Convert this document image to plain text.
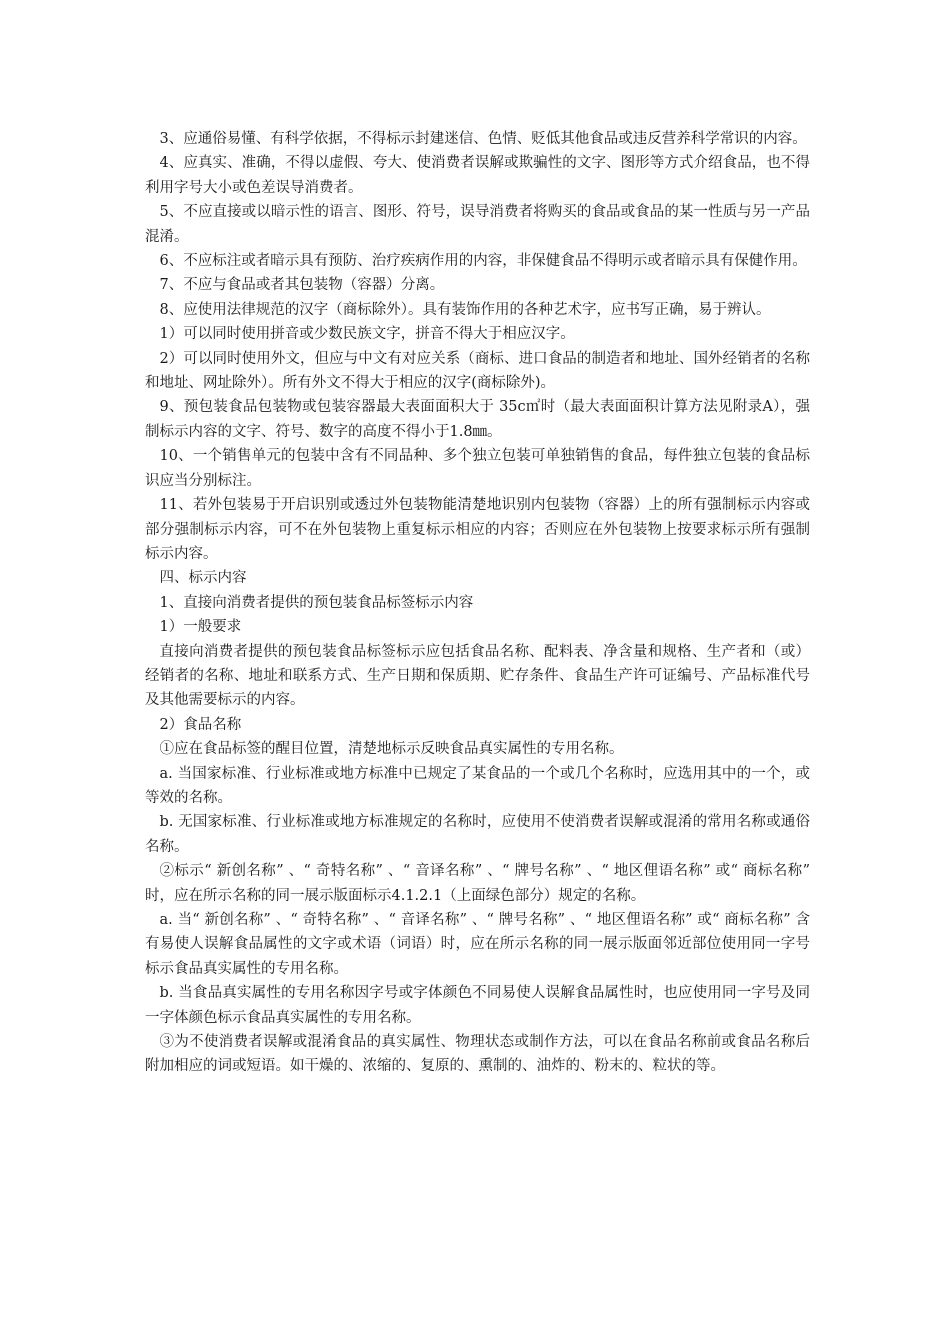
3、应通俗易懂、有科学依据，不得标示封建迷信、色情、贬低其他食品或违反营养科学常识的内容。

4、应真实、准确，不得以虚假、夸大、使消费者误解或欺骗性的文字、图形等方式介绍食品，也不得利用字号大小或色差误导消费者。

5、不应直接或以暗示性的语言、图形、符号，误导消费者将购买的食品或食品的某一性质与另一产品混淆。

6、不应标注或者暗示具有预防、治疗疾病作用的内容，非保健食品不得明示或者暗示具有保健作用。

7、不应与食品或者其包装物（容器）分离。

8、应使用法律规范的汉字（商标除外）。具有装饰作用的各种艺术字，应书写正确，易于辨认。

1）可以同时使用拼音或少数民族文字，拼音不得大于相应汉字。

2）可以同时使用外文，但应与中文有对应关系（商标、进口食品的制造者和地址、国外经销者的名称和地址、网址除外）。所有外文不得大于相应的汉字(商标除外)。

9、预包装食品包装物或包装容器最大表面面积大于 35c㎡时（最大表面面积计算方法见附录A），强制标示内容的文字、符号、数字的高度不得小于1.8㎜。

10、一个销售单元的包装中含有不同品种、多个独立包装可单独销售的食品，每件独立包装的食品标识应当分别标注。

11、若外包装易于开启识别或透过外包装物能清楚地识别内包装物（容器）上的所有强制标示内容或部分强制标示内容，可不在外包装物上重复标示相应的内容；否则应在外包装物上按要求标示所有强制标示内容。

四、标示内容

1、直接向消费者提供的预包装食品标签标示内容

1）一般要求

直接向消费者提供的预包装食品标签标示应包括食品名称、配料表、净含量和规格、生产者和（或） 经销者的名称、地址和联系方式、生产日期和保质期、贮存条件、食品生产许可证编号、产品标准代号及其他需要标示的内容。

2）食品名称

①应在食品标签的醒目位置，清楚地标示反映食品真实属性的专用名称。

a. 当国家标准、行业标准或地方标准中已规定了某食品的一个或几个名称时，应选用其中的一个，或等效的名称。

b. 无国家标准、行业标准或地方标准规定的名称时，应使用不使消费者误解或混淆的常用名称或通俗名称。

②标示“ 新创名称” 、“ 奇特名称” 、“ 音译名称” 、“ 牌号名称” 、“ 地区俚语名称” 或“ 商标名称” 时，应在所示名称的同一展示版面标示4.1.2.1（上面绿色部分）规定的名称。

a. 当“ 新创名称” 、“ 奇特名称” 、“ 音译名称” 、“ 牌号名称” 、“ 地区俚语名称” 或“ 商标名称” 含有易使人误解食品属性的文字或术语（词语）时，应在所示名称的同一展示版面邻近部位使用同一字号标示食品真实属性的专用名称。

b. 当食品真实属性的专用名称因字号或字体颜色不同易使人误解食品属性时，也应使用同一字号及同一字体颜色标示食品真实属性的专用名称。

③为不使消费者误解或混淆食品的真实属性、物理状态或制作方法，可以在食品名称前或食品名称后附加相应的词或短语。如干燥的、浓缩的、复原的、熏制的、油炸的、粉末的、粒状的等。
